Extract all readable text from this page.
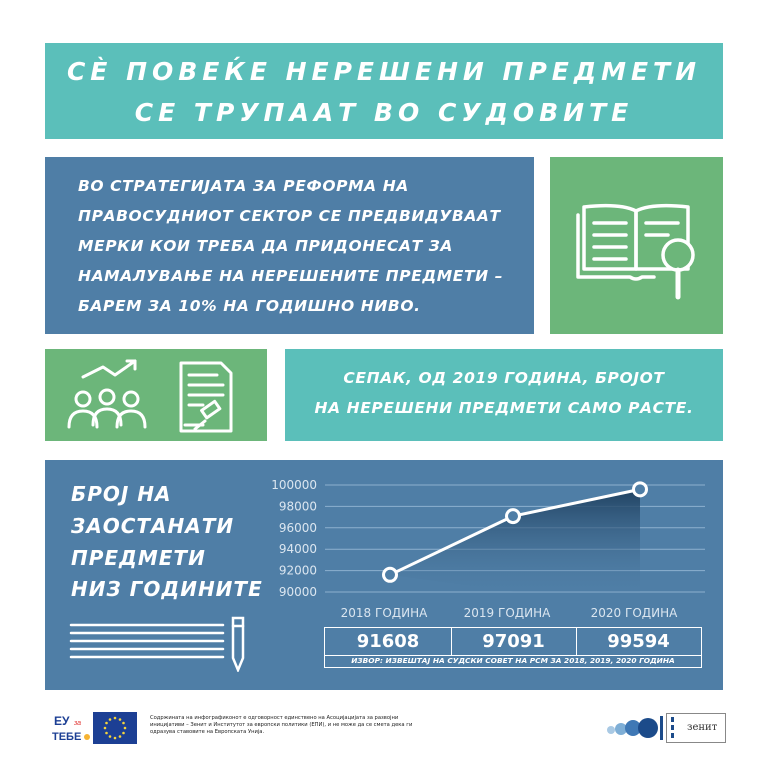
СÈ ПОВЕЌЕ НЕРЕШЕНИ ПРЕДМЕТИ
СЕ ТРУПААТ ВО СУДОВИТЕ
ВО СТРАТЕГИЈАТА ЗА РЕФОРМА НА
ПРАВОСУДНИОТ СЕКТОР СЕ ПРЕДВИДУВААТ
МЕРКИ КОИ ТРЕБА ДА ПРИДОНЕСАТ ЗА
НАМАЛУВАЊЕ НА НЕРЕШЕНИТЕ ПРЕДМЕТИ –
БАРЕМ ЗА 10% НА ГОДИШНО НИВО.
СЕПАК, ОД 2019 ГОДИНА, БРОЈОТ
НА НЕРЕШЕНИ ПРЕДМЕТИ САМО РАСТЕ.
БРОЈ НА
ЗАОСТАНАТИ
ПРЕДМЕТИ
НИЗ ГОДИНИТЕ 90000
92000
94000
96000
98000
100000
2018 ГОДИНА	2019 ГОДИНА	2020 ГОДИНА
91608	97091	99594
ИЗВОР: ИЗВЕШТАЈ НА СУДСКИ СОВЕТ НА РСМ ЗА 2018, 2019, 2020 ГОДИНА
ЕУ за
ТЕБЕ
Содржината на инфографиконот е одговорност единствено на Асоцијацијата за развојни иницијативи – Зенит и Институтот за европски политики (ЕПИ), и не може да се смета дека ги одразува ставовите на Европската Унија.	зенит
